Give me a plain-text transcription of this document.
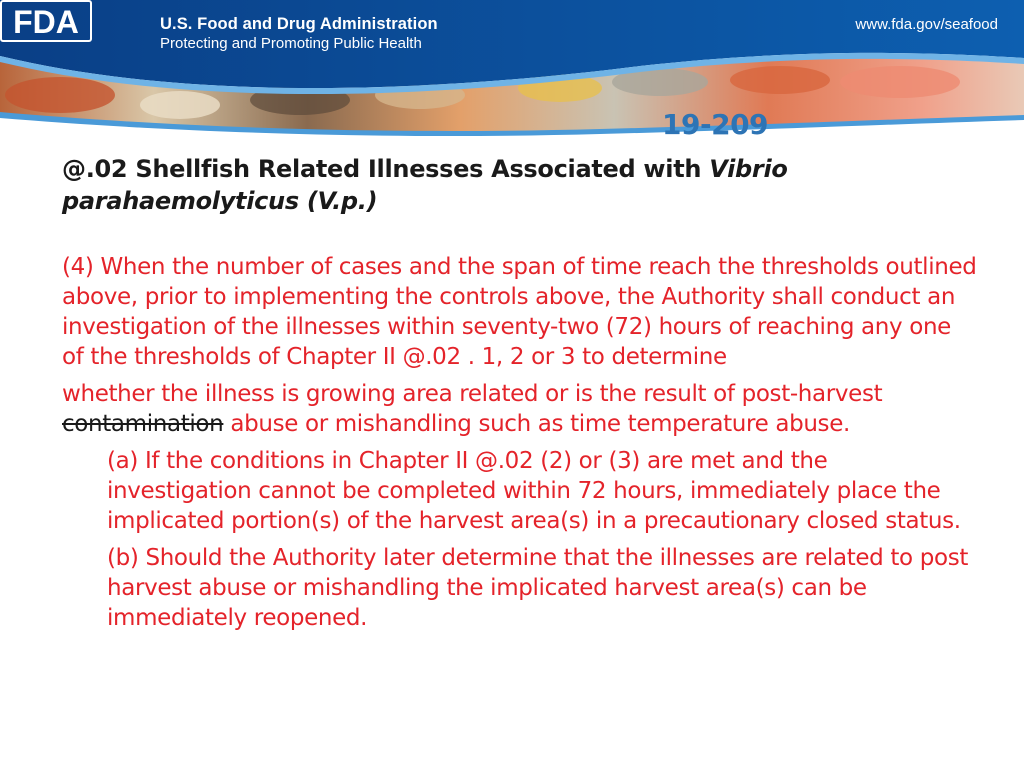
FDA	U.S. Food and Drug Administration
Protecting and Promoting Public Health
www.fda.gov/seafood
19-209
@.02 Shellfish Related Illnesses Associated with Vibrio parahaemolyticus (V.p.)

(4) When the number of cases and the span of time reach the thresholds outlined above, prior to implementing the controls above, the Authority shall conduct an investigation of the illnesses within seventy-two (72) hours of reaching any one of the thresholds of Chapter II @.02 . 1, 2 or 3 to determine

whether the illness is growing area related or is the result of post-harvest contamination abuse or mishandling such as time temperature abuse.

(a) If the conditions in Chapter II @.02 (2) or (3) are met and the investigation cannot be completed within 72 hours, immediately place the implicated portion(s) of the harvest area(s) in a precautionary closed status.

(b) Should the Authority later determine that the illnesses are related to post harvest abuse or mishandling the implicated harvest area(s) can be immediately reopened.
